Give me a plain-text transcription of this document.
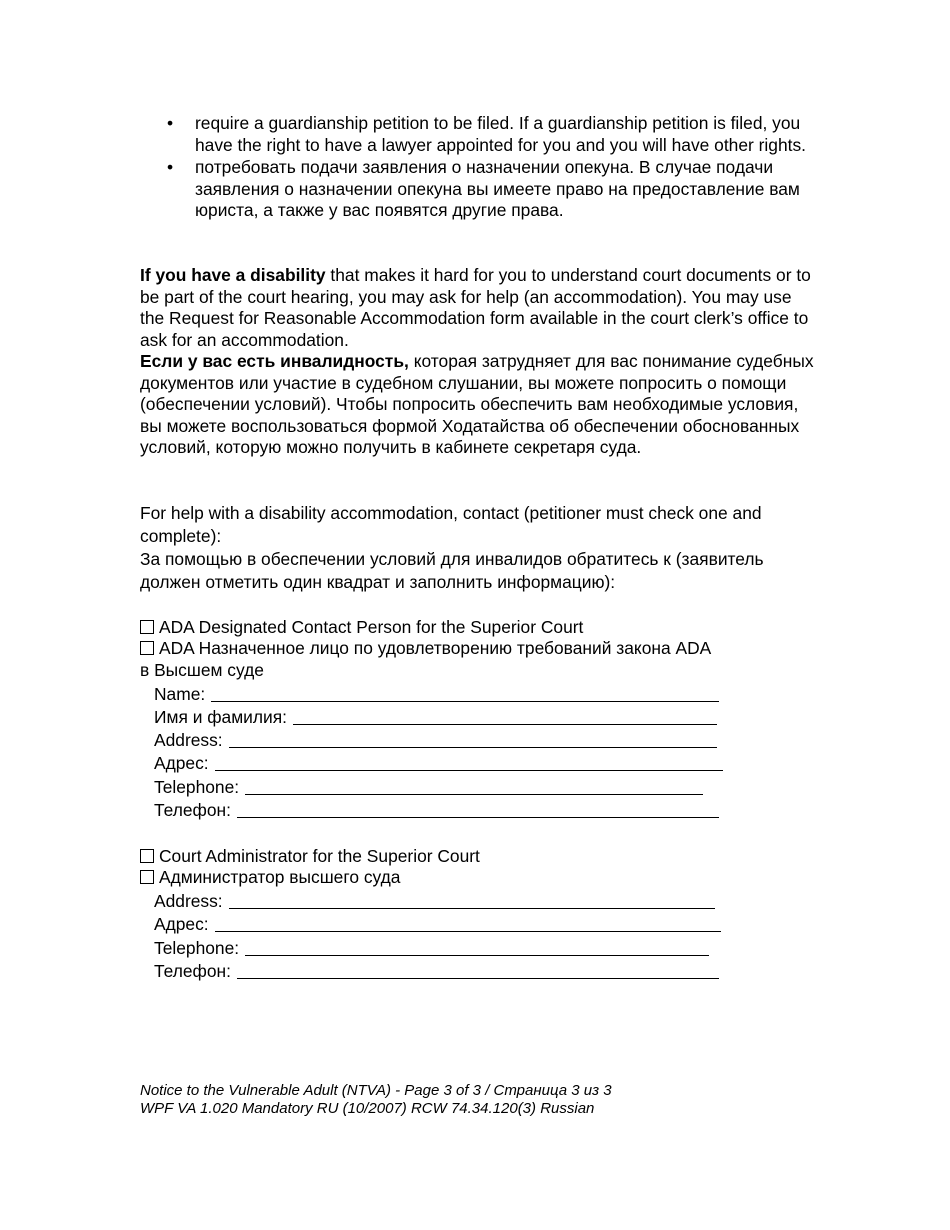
• require a guardianship petition to be filed. If a guardianship petition is filed, you have the right to have a lawyer appointed for you and you will have other rights.
• потребовать подачи заявления о назначении опекуна. В случае подачи заявления о назначении опекуна вы имеете право на предоставление вам юриста, а также у вас появятся другие права.
If you have a disability that makes it hard for you to understand court documents or to be part of the court hearing, you may ask for help (an accommodation). You may use the Request for Reasonable Accommodation form available in the court clerk’s office to ask for an accommodation.
Если у вас есть инвалидность, которая затрудняет для вас понимание судебных документов или участие в судебном слушании, вы можете попросить о помощи (обеспечении условий). Чтобы попросить обеспечить вам необходимые условия, вы можете воспользоваться формой Ходатайства об обеспечении обоснованных условий, которую можно получить в кабинете секретаря суда.
For help with a disability accommodation, contact (petitioner must check one and complete):
За помощью в обеспечении условий для инвалидов обратитесь к (заявитель должен отметить один квадрат и заполнить информацию):
ADA Designated Contact Person for the Superior Court
ADA Назначенное лицо по удовлетворению требований закона ADA
в Высшем суде
Name:
Имя и фамилия:
Address:
Адрес:
Telephone:
Телефон:
Court Administrator for the Superior Court
Администратор высшего суда
Address:
Адрес:
Telephone:
Телефон:
Notice to the Vulnerable Adult (NTVA) - Page 3 of 3 / Страница 3 из 3
WPF VA 1.020 Mandatory RU (10/2007) RCW 74.34.120(3) Russian
